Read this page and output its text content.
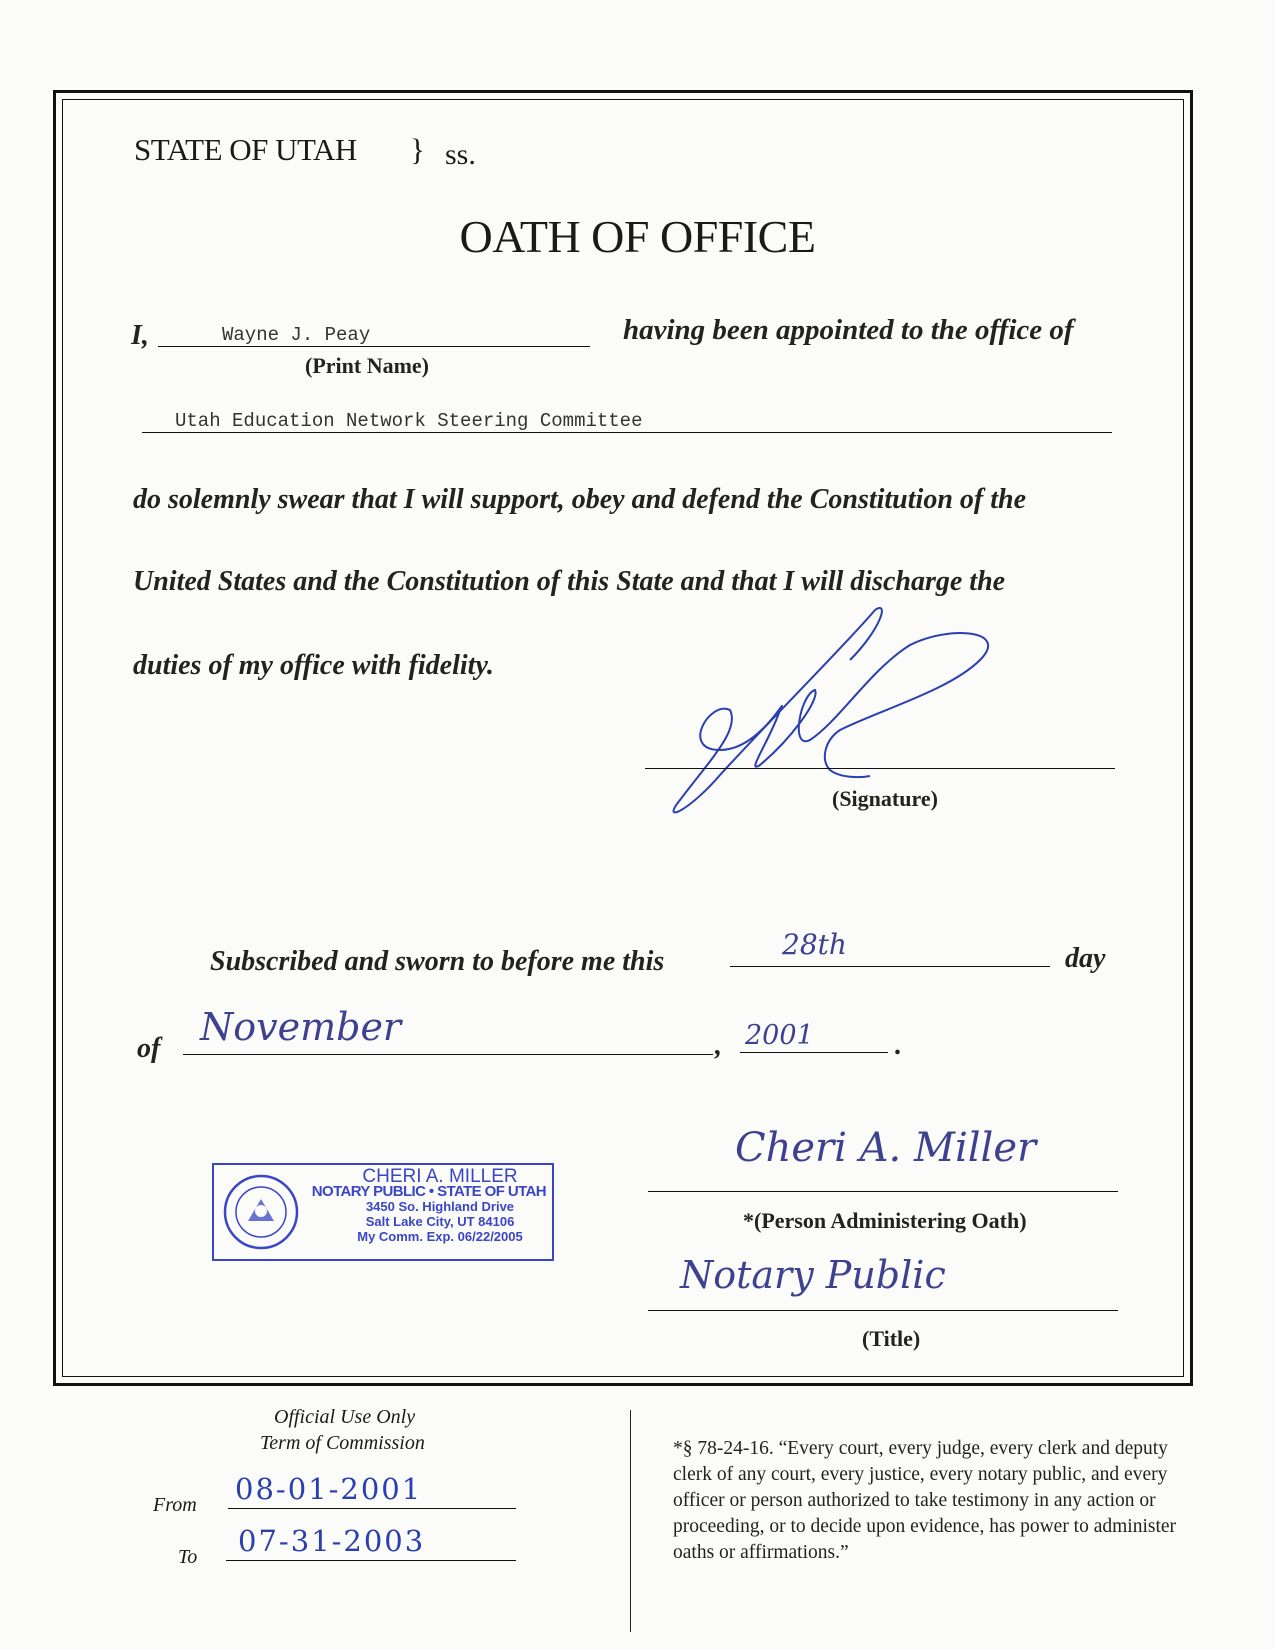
STATE OF UTAH } ss.
OATH OF OFFICE
I,	Wayne J. Peay
(Print Name)
having been appointed to the office of
Utah Education Network Steering Committee
do solemnly swear that I will support, obey and defend the Constitution of the
United States and the Constitution of this State and that I will discharge the
duties of my office with fidelity.
(Signature)
Subscribed and sworn to before me this
28th	day
of November	, 2001	.
CHERI A. MILLER
NOTARY PUBLIC • STATE OF UTAH
3450 So. Highland Drive
Salt Lake City, UT 84106
My Comm. Exp. 06/22/2005
Cheri A. Miller
*(Person Administering Oath)
Notary Public
(Title)
Official Use Only
Term of Commission
From 08-01-2001
To 07-31-2003
*§ 78-24-16. “Every court, every judge, every clerk and deputy clerk of any court, every justice, every notary public, and every officer or person authorized to take testimony in any action or proceeding, or to decide upon evidence, has power to administer oaths or affirmations.”
